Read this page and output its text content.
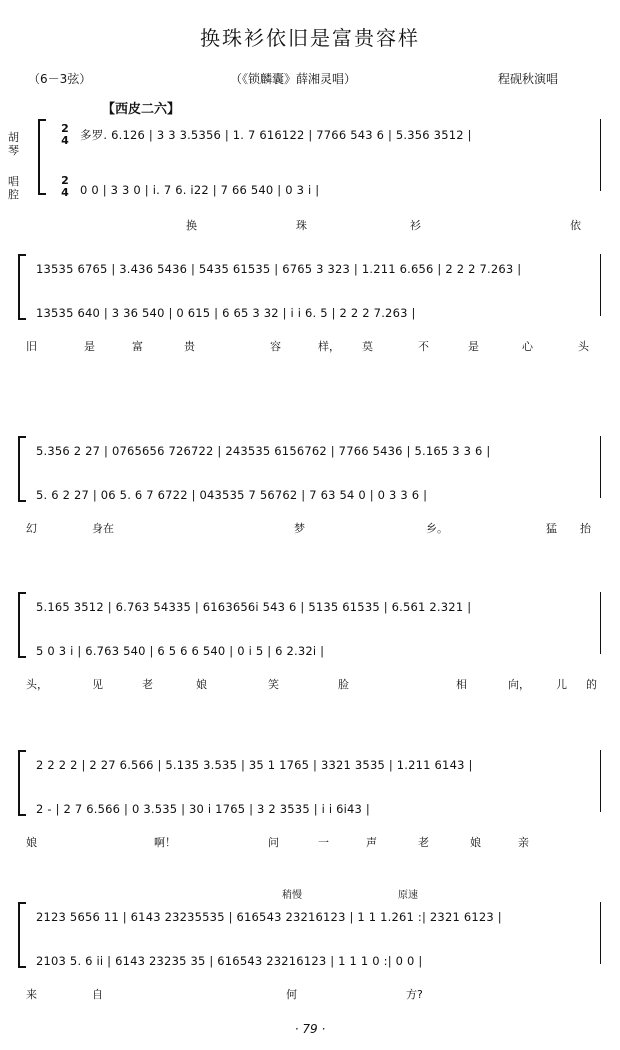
换珠衫依旧是富贵容样
（6－3弦）	（《锁麟囊》薛湘灵唱）	程砚秋演唱
【西皮二六】
胡琴
唱腔
2
4
2
4
多罗. 6.126 | 3 3 3.5356 | 1. 7 616122 | 7766 543 6 | 5.356 3512 |
0 0 | 3 3 0 | i. 7 6. i22 | 7 66 540 | 0 3 i |
换	珠	衫	依
13535 6765 | 3.436 5436 | 5435 61535 | 6765 3 323 | 1.211 6.656 | 2 2 2 7.263 |
13535 640 | 3 36 540 | 0 615 | 6 65 3 32 | i i 6. 5 | 2 2 2 7.263 |
旧	是	富	贵	容	样， 莫	不	是	心	头
5.356 2 27 | 0765656 726722 | 243535 6156762 | 7766 5436 | 5.165 3 3 6 |
5. 6 2 27 | 06 5. 6 7 6722 | 043535 7 56762 | 7 63 54 0 | 0 3 3 6 |
幻	身在	梦	乡。	猛 抬
5.165 3512 | 6.763 54335 | 6163656i 543 6 | 5135 61535 | 6.561 2.321 |
5 0 3 i | 6.763 540 | 6 5 6 6 540 | 0 i 5 | 6 2.32i |
头，	见	老	娘	笑	脸	相	向， 儿 的
2 2 2 2 | 2 27 6.566 | 5.135 3.535 | 35 1 1765 | 3321 3535 | 1.211 6143 |
2 - | 2 7 6.566 | 0 3.535 | 30 i 1765 | 3 2 3535 | i i 6i43 |
娘	啊！	问	一	声	老	娘	亲
2123 5656 11 | 6143 23235535 | 616543 23216123 | 1 1 1.261 :| 2321 6123 |
2103 5. 6 ii | 6143 23235 35 | 616543 23216123 | 1 1 1 0 :| 0 0 |
来	自	何	方?
稍慢	原速
· 79 ·
